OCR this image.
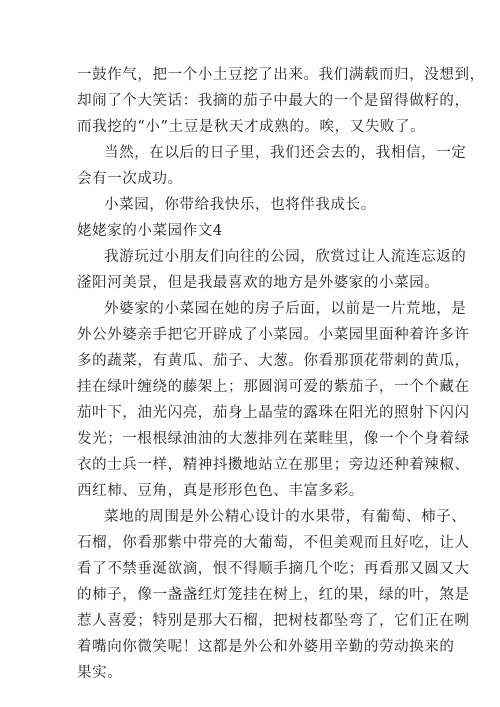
一鼓作气，把一个小土豆挖了出来。我们满载而归，没想到，
却闹了个大笑话：我摘的茄子中最大的一个是留得做籽的，
而我挖的“小”土豆是秋天才成熟的。唉，又失败了。
当然，在以后的日子里，我们还会去的，我相信，一定
会有一次成功。
小菜园，你带给我快乐，也将伴我成长。
姥姥家的小菜园作文4
我游玩过小朋友们向往的公园，欣赏过让人流连忘返的
滏阳河美景，但是我最喜欢的地方是外婆家的小菜园。
外婆家的小菜园在她的房子后面，以前是一片荒地，是
外公外婆亲手把它开辟成了小菜园。小菜园里面种着许多许
多的蔬菜，有黄瓜、茄子、大葱。你看那顶花带刺的黄瓜，
挂在绿叶缠绕的藤架上；那圆润可爱的紫茄子，一个个藏在
茄叶下，油光闪亮，茄身上晶莹的露珠在阳光的照射下闪闪
发光；一根根绿油油的大葱排列在菜畦里，像一个个身着绿
衣的士兵一样，精神抖擞地站立在那里；旁边还种着辣椒、
西红柿、豆角，真是形形色色、丰富多彩。
菜地的周围是外公精心设计的水果带，有葡萄、柿子、
石榴，你看那紫中带亮的大葡萄，不但美观而且好吃，让人
看了不禁垂涎欲滴，恨不得顺手摘几个吃；再看那又圆又大
的柿子，像一盏盏红灯笼挂在树上，红的果，绿的叶，煞是
惹人喜爱；特别是那大石榴，把树枝都坠弯了，它们正在咧
着嘴向你微笑呢！这都是外公和外婆用辛勤的劳动换来的
果实。
